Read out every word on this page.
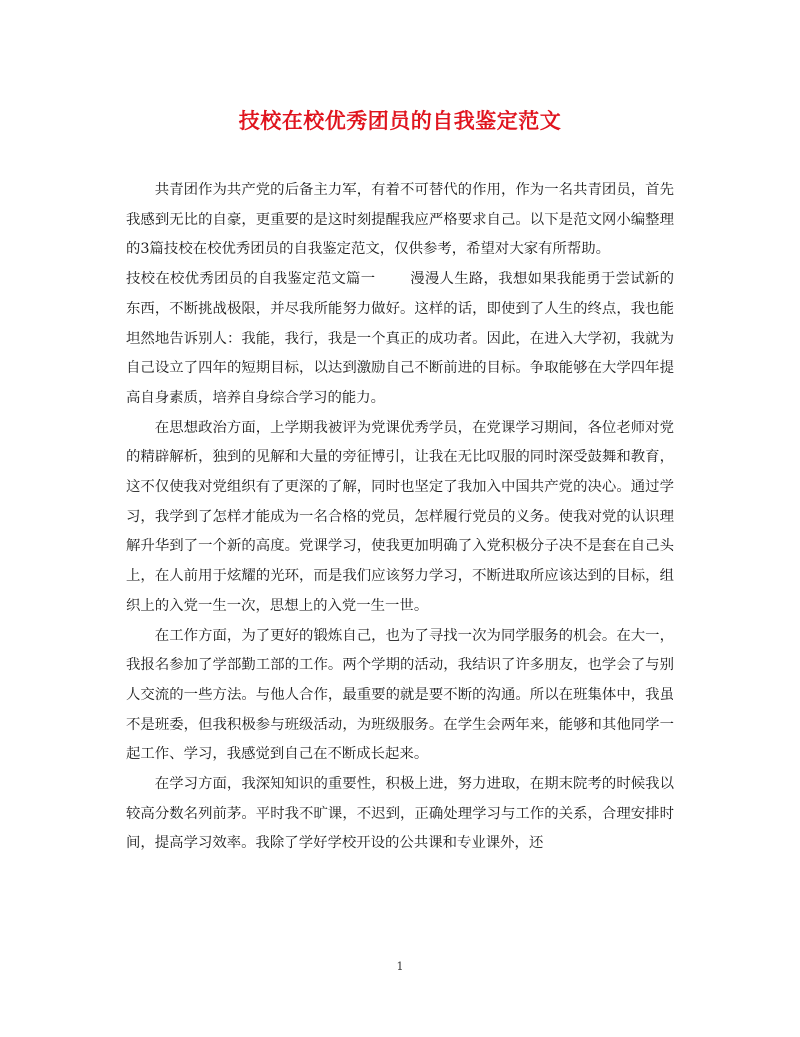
技校在校优秀团员的自我鉴定范文

共青团作为共产党的后备主力军，有着不可替代的作用，作为一名共青团员，首先我感到无比的自豪，更重要的是这时刻提醒我应严格要求自己。以下是范文网小编整理的3篇技校在校优秀团员的自我鉴定范文，仅供参考，希望对大家有所帮助。

技校在校优秀团员的自我鉴定范文篇一 漫漫人生路，我想如果我能勇于尝试新的东西，不断挑战极限，并尽我所能努力做好。这样的话，即使到了人生的终点，我也能坦然地告诉别人：我能，我行，我是一个真正的成功者。因此，在进入大学初，我就为自己设立了四年的短期目标，以达到激励自己不断前进的目标。争取能够在大学四年提高自身素质，培养自身综合学习的能力。

在思想政治方面，上学期我被评为党课优秀学员，在党课学习期间，各位老师对党的精辟解析，独到的见解和大量的旁征博引，让我在无比叹服的同时深受鼓舞和教育，这不仅使我对党组织有了更深的了解，同时也坚定了我加入中国共产党的决心。通过学习，我学到了怎样才能成为一名合格的党员，怎样履行党员的义务。使我对党的认识理解升华到了一个新的高度。党课学习，使我更加明确了入党积极分子决不是套在自己头上，在人前用于炫耀的光环，而是我们应该努力学习，不断进取所应该达到的目标，组织上的入党一生一次，思想上的入党一生一世。

在工作方面，为了更好的锻炼自己，也为了寻找一次为同学服务的机会。在大一，我报名参加了学部勤工部的工作。两个学期的活动，我结识了许多朋友，也学会了与别人交流的一些方法。与他人合作，最重要的就是要不断的沟通。所以在班集体中，我虽不是班委，但我积极参与班级活动，为班级服务。在学生会两年来，能够和其他同学一起工作、学习，我感觉到自己在不断成长起来。

在学习方面，我深知知识的重要性，积极上进，努力进取，在期末院考的时候我以较高分数名列前茅。平时我不旷课，不迟到，正确处理学习与工作的关系，合理安排时间，提高学习效率。我除了学好学校开设的公共课和专业课外，还

1
